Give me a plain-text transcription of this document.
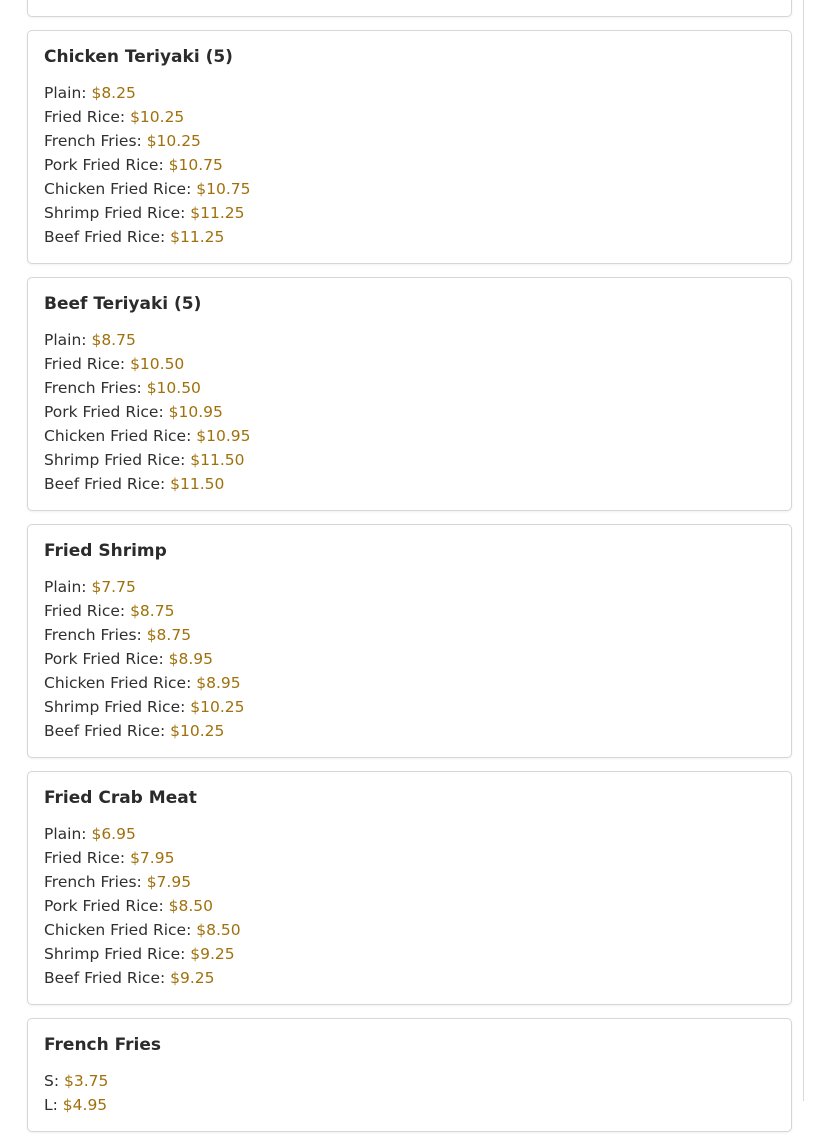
Chicken Teriyaki (5)
Plain: $8.25
Fried Rice: $10.25
French Fries: $10.25
Pork Fried Rice: $10.75
Chicken Fried Rice: $10.75
Shrimp Fried Rice: $11.25
Beef Fried Rice: $11.25
Beef Teriyaki (5)
Plain: $8.75
Fried Rice: $10.50
French Fries: $10.50
Pork Fried Rice: $10.95
Chicken Fried Rice: $10.95
Shrimp Fried Rice: $11.50
Beef Fried Rice: $11.50
Fried Shrimp
Plain: $7.75
Fried Rice: $8.75
French Fries: $8.75
Pork Fried Rice: $8.95
Chicken Fried Rice: $8.95
Shrimp Fried Rice: $10.25
Beef Fried Rice: $10.25
Fried Crab Meat
Plain: $6.95
Fried Rice: $7.95
French Fries: $7.95
Pork Fried Rice: $8.50
Chicken Fried Rice: $8.50
Shrimp Fried Rice: $9.25
Beef Fried Rice: $9.25
French Fries
S: $3.75
L: $4.95
